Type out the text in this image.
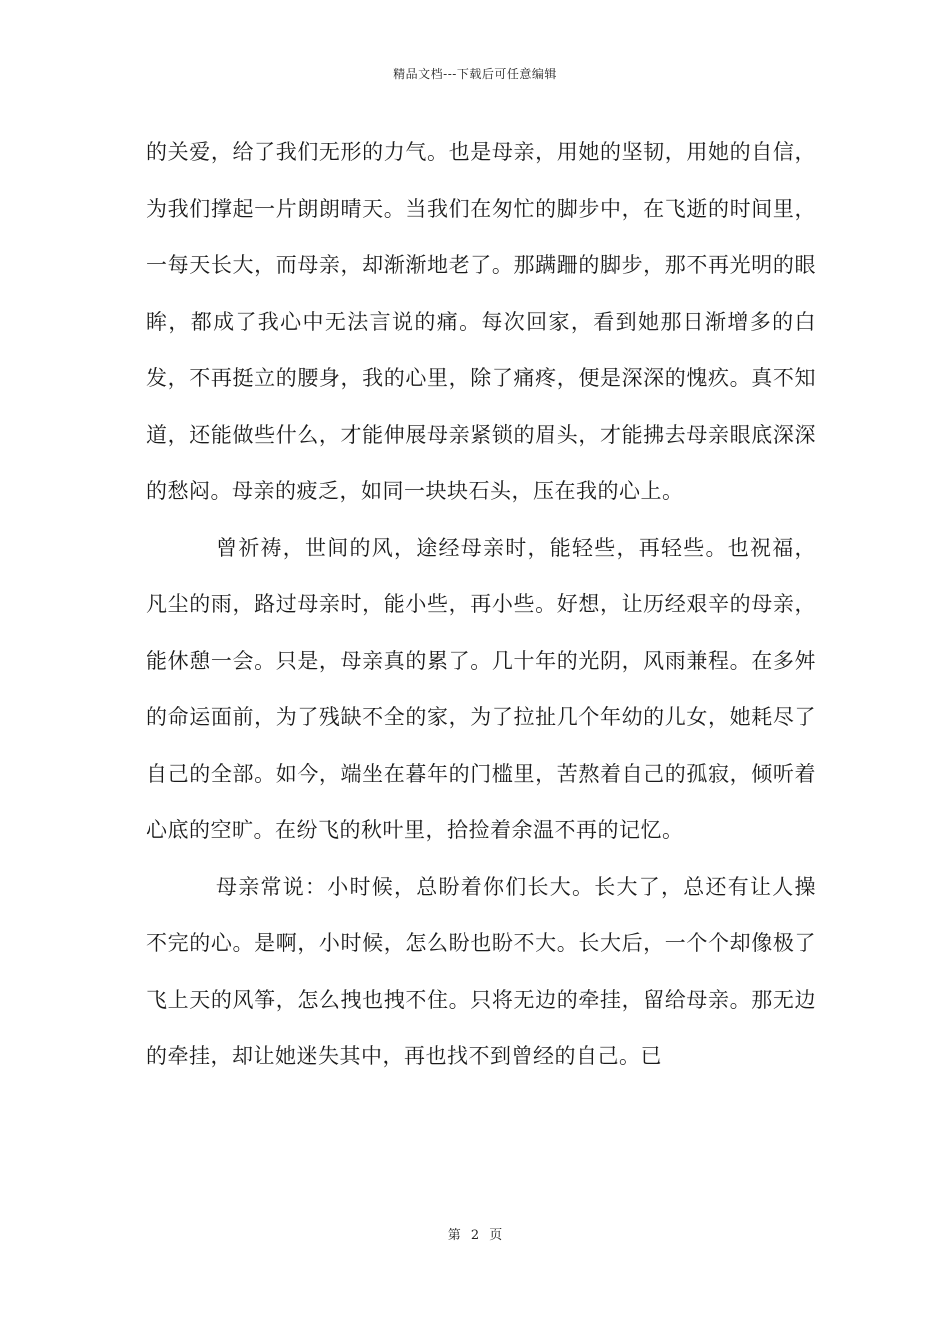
精品文档---下载后可任意编辑

的关爱，给了我们无形的力气。也是母亲，用她的坚韧，用她的自信，为我们撑起一片朗朗晴天。当我们在匆忙的脚步中，在飞逝的时间里，一每天长大，而母亲，却渐渐地老了。那蹒跚的脚步，那不再光明的眼眸，都成了我心中无法言说的痛。每次回家，看到她那日渐增多的白发，不再挺立的腰身，我的心里，除了痛疼，便是深深的愧疚。真不知道，还能做些什么，才能伸展母亲紧锁的眉头，才能拂去母亲眼底深深的愁闷。母亲的疲乏，如同一块块石头，压在我的心上。

曾祈祷，世间的风，途经母亲时，能轻些，再轻些。也祝福，凡尘的雨，路过母亲时，能小些，再小些。好想，让历经艰辛的母亲，能休憩一会。只是，母亲真的累了。几十年的光阴，风雨兼程。在多舛的命运面前，为了残缺不全的家，为了拉扯几个年幼的儿女，她耗尽了自己的全部。如今，端坐在暮年的门槛里，苦熬着自己的孤寂，倾听着心底的空旷。在纷飞的秋叶里，拾捡着余温不再的记忆。

母亲常说：小时候，总盼着你们长大。长大了，总还有让人操不完的心。是啊，小时候，怎么盼也盼不大。长大后，一个个却像极了飞上天的风筝，怎么拽也拽不住。只将无边的牵挂，留给母亲。那无边的牵挂，却让她迷失其中，再也找不到曾经的自己。已

第 2 页
